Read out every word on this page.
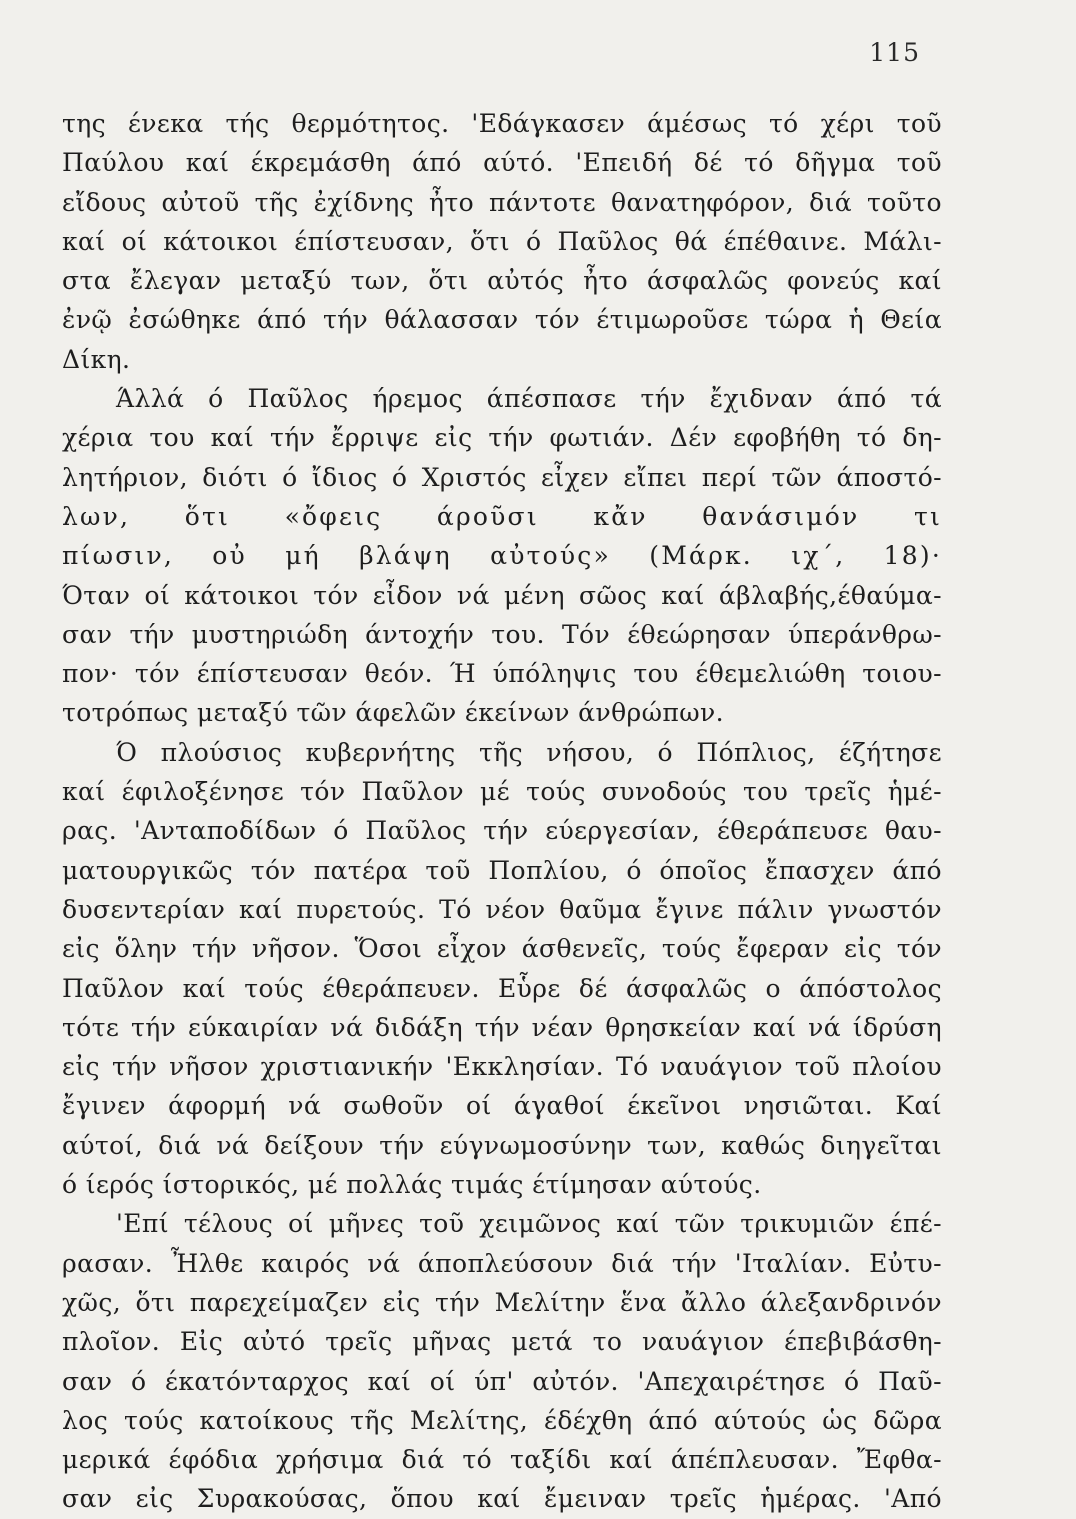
115
της ένεκα τής θερμότητος. 'Εδάγκασεν άμέσως τό χέρι τοῦ
Παύλου καί έκρεμάσθη άπό αύτό. 'Επειδή δέ τό δῆγμα τοῦ
εἴδους αὐτοῦ τῆς ἐχίδνης ἦτο πάντοτε θανατηφόρον, διά τοῦτο
καί οί κάτοικοι έπίστευσαν, ὅτι ό Παῦλος θά έπέθαινε. Μάλι-
στα ἔλεγαν μεταξύ των, ὅτι αὐτός ἦτο άσφαλῶς φονεύς καί
ἐνῷ ἐσώθηκε άπό τήν θάλασσαν τόν έτιμωροῦσε τώρα ἡ Θεία
Δίκη.
Άλλά ό Παῦλος ήρεμος άπέσπασε τήν ἔχιδναν άπό τά
χέρια του καί τήν ἔρριψε εἰς τήν φωτιάν. Δέν εφοβήθη τό δη-
λητήριον, διότι ό ἴδιος ό Χριστός εἶχεν εἴπει περί τῶν άποστό-
λων, ὅτι «ὄφεις άροῦσι κἄν θανάσιμόν τι
πίωσιν, οὐ μή βλάψη αὐτούς» (Μάρκ. ιχ΄, 18)·
Όταν οί κάτοικοι τόν εἶδον νά μένη σῶος καί άβλαβής,έθαύμα-
σαν τήν μυστηριώδη άντοχήν του. Τόν έθεώρησαν ύπεράνθρω-
πον· τόν έπίστευσαν θεόν. Ή ύπόληψις του έθεμελιώθη τοιου-
τοτρόπως μεταξύ τῶν άφελῶν έκείνων άνθρώπων.
Ό πλούσιος κυβερνήτης τῆς νήσου, ό Πόπλιος, έζήτησε
καί έφιλοξένησε τόν Παῦλον μέ τούς συνοδούς του τρεῖς ἡμέ-
ρας. 'Ανταποδίδων ό Παῦλος τήν εύεργεσίαν, έθεράπευσε θαυ-
ματουργικῶς τόν πατέρα τοῦ Ποπλίου, ό όποῖος ἔπασχεν άπό
δυσεντερίαν καί πυρετούς. Τό νέον θαῦμα ἔγινε πάλιν γνωστόν
εἰς ὅλην τήν νῆσον. Ὅσοι εἶχον άσθενεῖς, τούς ἔφεραν εἰς τόν
Παῦλον καί τούς έθεράπευεν. Εὗρε δέ άσφαλῶς ο άπόστολος
τότε τήν εύκαιρίαν νά διδάξη τήν νέαν θρησκείαν καί νά ίδρύση
εἰς τήν νῆσον χριστιανικήν 'Εκκλησίαν. Τό ναυάγιον τοῦ πλοίου
ἔγινεν άφορμή νά σωθοῦν οί άγαθοί έκεῖνοι νησιῶται. Καί
αύτοί, διά νά δείξουν τήν εύγνωμοσύνην των, καθώς διηγεῖται
ό ίερός ίστορικός, μέ πολλάς τιμάς έτίμησαν αύτούς.
'Επί τέλους οί μῆνες τοῦ χειμῶνος καί τῶν τρικυμιῶν έπέ-
ρασαν. Ἦλθε καιρός νά άποπλεύσουν διά τήν 'Ιταλίαν. Εὐτυ-
χῶς, ὅτι παρεχείμαζεν εἰς τήν Μελίτην ἕνα ἄλλο άλεξανδρινόν
πλοῖον. Εἰς αὐτό τρεῖς μῆνας μετά το ναυάγιον έπεβιβάσθη-
σαν ό έκατόνταρχος καί οί ύπ' αὐτόν. 'Απεχαιρέτησε ό Παῦ-
λος τούς κατοίκους τῆς Μελίτης, έδέχθη άπό αύτούς ὡς δῶρα
μερικά έφόδια χρήσιμα διά τό ταξίδι καί άπέπλευσαν. Ἔφθα-
σαν εἰς Συρακούσας, ὅπου καί ἔμειναν τρεῖς ἡμέρας. 'Από
